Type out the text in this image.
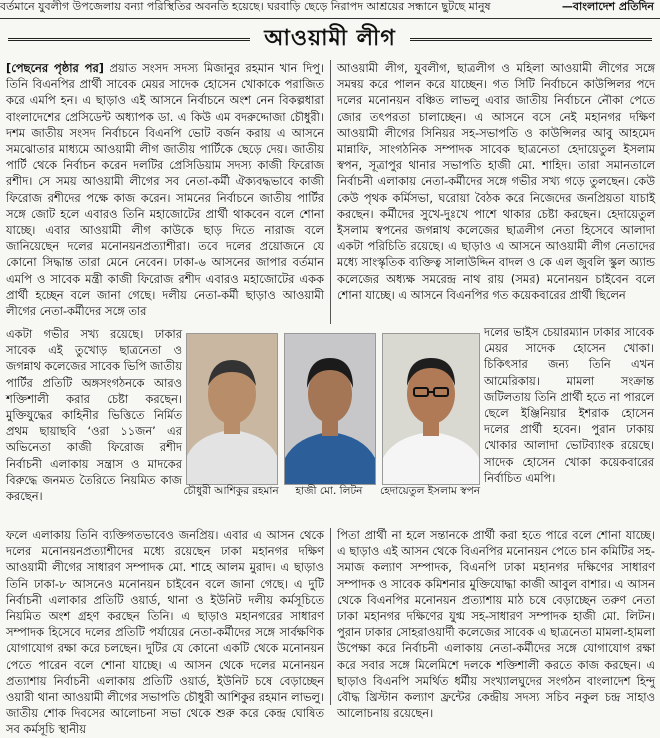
বর্তমানে যুবলীগ উপজেলায় বন্যা পরিস্থিতির অবনতি হয়েছে। ঘরবাড়ি ছেড়ে নিরাপদ আশ্রয়ের সন্ধানে ছুটছে মানুষ	—বাংলাদেশ প্রতিদিন
আওয়ামী লীগ

[পেছনের পৃষ্ঠার পর] প্রয়াত সংসদ সদস্য মিজানুর রহমান খান দিপু। তিনি বিএনপির প্রার্থী সাবেক মেয়র সাদেক হোসেন খোকাকে পরাজিত করে এমপি হন। এ ছাড়াও এই আসনে নির্বাচনে অংশ নেন বিকল্পধারা বাংলাদেশের প্রেসিডেন্ট অধ্যাপক ডা. এ কিউ এম বদরুদ্দোজা চৌধুরী। দশম জাতীয় সংসদ নির্বাচনে বিএনপি ভোট বর্জন করায় এ আসনে সমঝোতার মাধ্যমে আওয়ামী লীগ জাতীয় পার্টিকে ছেড়ে দেয়। জাতীয় পার্টি থেকে নির্বাচন করেন দলটির প্রেসিডিয়াম সদস্য কাজী ফিরোজ রশীদ। সে সময় আওয়ামী লীগের সব নেতা-কর্মী ঐক্যবদ্ধভাবে কাজী ফিরোজ রশীদের পক্ষে কাজ করেন। সামনের নির্বাচনে জাতীয় পার্টির সঙ্গে জোট হলে এবারও তিনি মহাজোটের প্রার্থী থাকবেন বলে শোনা যাচ্ছে। এবার আওয়ামী লীগ কাউকে ছাড় দিতে নারাজ বলে জানিয়েছেন দলের মনোনয়নপ্রত্যাশীরা। তবে দলের প্রয়োজনে যে কোনো সিদ্ধান্ত তারা মেনে নেবেন। ঢাকা-৬ আসনের জাপার বর্তমান এমপি ও সাবেক মন্ত্রী কাজী ফিরোজ রশীদ এবারও মহাজোটের একক প্রার্থী হচ্ছেন বলে জানা গেছে। দলীয় নেতা-কর্মী ছাড়াও আওয়ামী লীগের নেতা-কর্মীদের সঙ্গে তার

আওয়ামী লীগ, যুবলীগ, ছাত্রলীগ ও মহিলা আওয়ামী লীগের সঙ্গে সমন্বয় করে পালন করে যাচ্ছেন। গত সিটি নির্বাচনে কাউন্সিলর পদে দলের মনোনয়ন বঞ্চিত লাভলু এবার জাতীয় নির্বাচনে নৌকা পেতে জোর তৎপরতা চালাচ্ছেন। এ আসনে বসে নেই মহানগর দক্ষিণ আওয়ামী লীগের সিনিয়র সহ-সভাপতি ও কাউন্সিলর আবু আহমেদ মান্নাফি, সাংগঠনিক সম্পাদক সাবেক ছাত্রনেতা হেদায়েতুল ইসলাম স্বপন, সূত্রাপুর থানার সভাপতি হাজী মো. শাহিদ। তারা সমানতালে নির্বাচনী এলাকায় নেতা-কর্মীদের সঙ্গে গভীর সখ্য গড়ে তুলছেন। কেউ কেউ পৃথক কর্মিসভা, ঘরোয়া বৈঠক করে নিজেদের জনপ্রিয়তা যাচাই করছেন। কর্মীদের সুখে-দুঃখে পাশে থাকার চেষ্টা করছেন। হেদায়েতুল ইসলাম স্বপনের জগন্নাথ কলেজের ছাত্রলীগ নেতা হিসেবে আলাদা একটা পরিচিতি রয়েছে। এ ছাড়াও এ আসনে আওয়ামী লীগ নেতাদের মধ্যে সাংস্কৃতিক ব্যক্তিত্ব সালাউদ্দিন বাদল ও কে এল জুবলি স্কুল অ্যান্ড কলেজের অধ্যক্ষ সমরেন্দ্র নাথ রায় (সমর) মনোনয়ন চাইবেন বলে শোনা যাচ্ছে। এ আসনে বিএনপির গত কয়েকবারের প্রার্থী ছিলেন

একটা গভীর সখ্য রয়েছে। ঢাকার সাবেক এই তুখোড় ছাত্রনেতা ও জগন্নাথ কলেজের সাবেক ভিপি জাতীয় পার্টির প্রতিটি অঙ্গসংগঠনকে আরও শক্তিশালী করার চেষ্টা করছেন। মুক্তিযুদ্ধের কাহিনীর ভিত্তিতে নির্মিত প্রথম ছায়াছবি ‘ওরা ১১জন’ এর অভিনেতা কাজী ফিরোজ রশীদ নির্বাচনী এলাকায় সন্ত্রাস ও মাদকের বিরুদ্ধে জনমত তৈরিতে নিয়মিত কাজ করছেন।	চৌধুরী আশিকুর রহমান	হাজী মো. লিটন	হেদায়েতুল ইসলাম স্বপন

দলের ভাইস চেয়ারম্যান ঢাকার সাবেক মেয়র সাদেক হোসেন খোকা। চিকিৎসার জন্য তিনি এখন আমেরিকায়। মামলা সংক্রান্ত জটিলতায় তিনি প্রার্থী হতে না পারলে ছেলে ইঞ্জিনিয়ার ইশরাক হোসেন দলের প্রার্থী হবেন। পুরান ঢাকায় খোকার আলাদা ভোটব্যাংক রয়েছে। সাদেক হোসেন খোকা কয়েকবারের নির্বাচিত এমপি।

ফলে এলাকায় তিনি ব্যক্তিগতভাবেও জনপ্রিয়। এবার এ আসন থেকে দলের মনোনয়নপ্রত্যাশীদের মধ্যে রয়েছেন ঢাকা মহানগর দক্ষিণ আওয়ামী লীগের সাধারণ সম্পাদক মো. শাহে আলম মুরাদ। এ ছাড়াও তিনি ঢাকা-৮ আসনেও মনোনয়ন চাইবেন বলে জানা গেছে। এ দুটি নির্বাচনী এলাকার প্রতিটি ওয়ার্ড, থানা ও ইউনিট দলীয় কর্মসূচিতে নিয়মিত অংশ গ্রহণ করছেন তিনি। এ ছাড়াও মহানগরের সাধারণ সম্পাদক হিসেবে দলের প্রতিটি পর্যায়ের নেতা-কর্মীদের সঙ্গে সার্বক্ষণিক যোগাযোগ রক্ষা করে চলছেন। দুটির যে কোনো একটি থেকে মনোনয়ন পেতে পারেন বলে শোনা যাচ্ছে। এ আসন থেকে দলের মনোনয়ন প্রত্যাশায় নির্বাচনী এলাকায় প্রতিটি ওয়ার্ড, ইউনিট চষে বেড়াচ্ছেন ওয়ারী থানা আওয়ামী লীগের সভাপতি চৌধুরী আশিকুর রহমান লাভলু। জাতীয় শোক দিবসের আলোচনা সভা থেকে শুরু করে কেন্দ্র ঘোষিত সব কর্মসূচি স্থানীয়

পিতা প্রার্থী না হলে সন্তানকে প্রার্থী করা হতে পারে বলে শোনা যাচ্ছে। এ ছাড়াও এই আসন থেকে বিএনপির মনোনয়ন পেতে চান কমিটির সহ-সমাজ কল্যাণ সম্পাদক, বিএনপি ঢাকা মহানগর দক্ষিণের সাধারণ সম্পাদক ও সাবেক কমিশনার মুক্তিযোদ্ধা কাজী আবুল বাশার। এ আসন থেকে বিএনপির মনোনয়ন প্রত্যাশায় মাঠ চষে বেড়াচ্ছেন তরুণ নেতা ঢাকা মহানগর দক্ষিণের যুগ্ম সহ-সাধারণ সম্পাদক হাজী মো. লিটন। পুরান ঢাকার সোহরাওয়ার্দী কলেজের সাবেক এ ছাত্রনেতা মামলা-হামলা উপেক্ষা করে নির্বাচনী এলাকায় নেতা-কর্মীদের সঙ্গে যোগাযোগ রক্ষা করে সবার সঙ্গে মিলেমিশে দলকে শক্তিশালী করতে কাজ করছেন। এ ছাড়াও বিএনপি সমর্থিত ধর্মীয় সংখ্যালঘুদের সংগঠন বাংলাদেশ হিন্দু বৌদ্ধ খ্রিস্টান কল্যাণ ফ্রন্টের কেন্দ্রীয় সদস্য সচিব নকুল চন্দ্র সাহাও আলোচনায় রয়েছেন।
